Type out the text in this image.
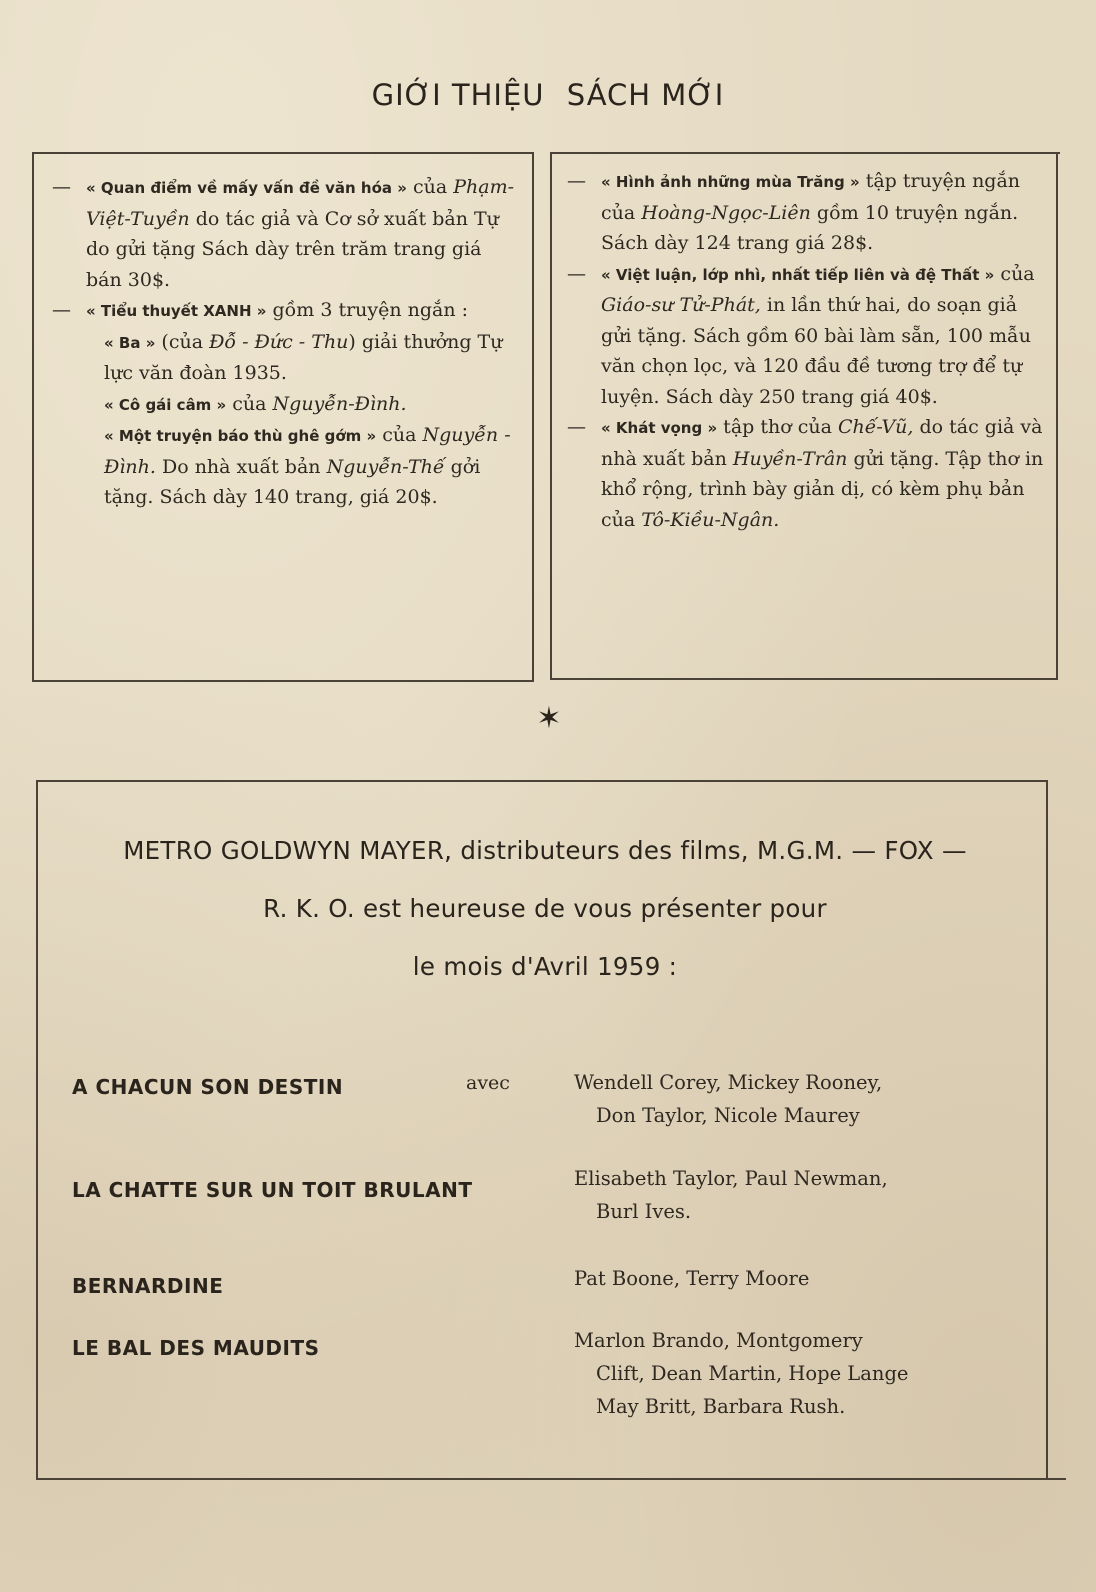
GIỚI THIỆU SÁCH MỚI
— « Quan điểm về mấy vấn đề văn hóa » của Phạm-Việt-Tuyền do tác giả và Cơ sở xuất bản Tự do gửi tặng Sách dày trên trăm trang giá bán 30$.
— « Tiểu thuyết XANH » gồm 3 truyện ngắn :
« Ba » (của Đỗ - Đức - Thu) giải thưởng Tự lực văn đoàn 1935.
« Cô gái câm » của Nguyễn-Đình.
« Một truyện báo thù ghê gớm » của Nguyễn - Đình. Do nhà xuất bản Nguyễn-Thế gởi tặng. Sách dày 140 trang, giá 20$.
— « Hình ảnh những mùa Trăng » tập truyện ngắn của Hoàng-Ngọc-Liên gồm 10 truyện ngắn. Sách dày 124 trang giá 28$.
— « Việt luận, lớp nhì, nhất tiếp liên và đệ Thất » của Giáo-sư Tử-Phát, in lần thứ hai, do soạn giả gửi tặng. Sách gồm 60 bài làm sẵn, 100 mẫu văn chọn lọc, và 120 đầu đề tương trợ để tự luyện. Sách dày 250 trang giá 40$.
— « Khát vọng » tập thơ của Chế-Vũ, do tác giả và nhà xuất bản Huyền-Trân gửi tặng. Tập thơ in khổ rộng, trình bày giản dị, có kèm phụ bản của Tô-Kiều-Ngân.
✶
METRO GOLDWYN MAYER, distributeurs des films, M.G.M. — FOX —
R. K. O. est heureuse de vous présenter pour
le mois d'Avril 1959 :
A CHACUN SON DESTIN	avec	Wendell Corey, Mickey Rooney,
Don Taylor, Nicole Maurey
LA CHATTE SUR UN TOIT BRULANT	Elisabeth Taylor, Paul Newman,
Burl Ives.
BERNARDINE	Pat Boone, Terry Moore
LE BAL DES MAUDITS	Marlon Brando, Montgomery
Clift, Dean Martin, Hope Lange
May Britt, Barbara Rush.
